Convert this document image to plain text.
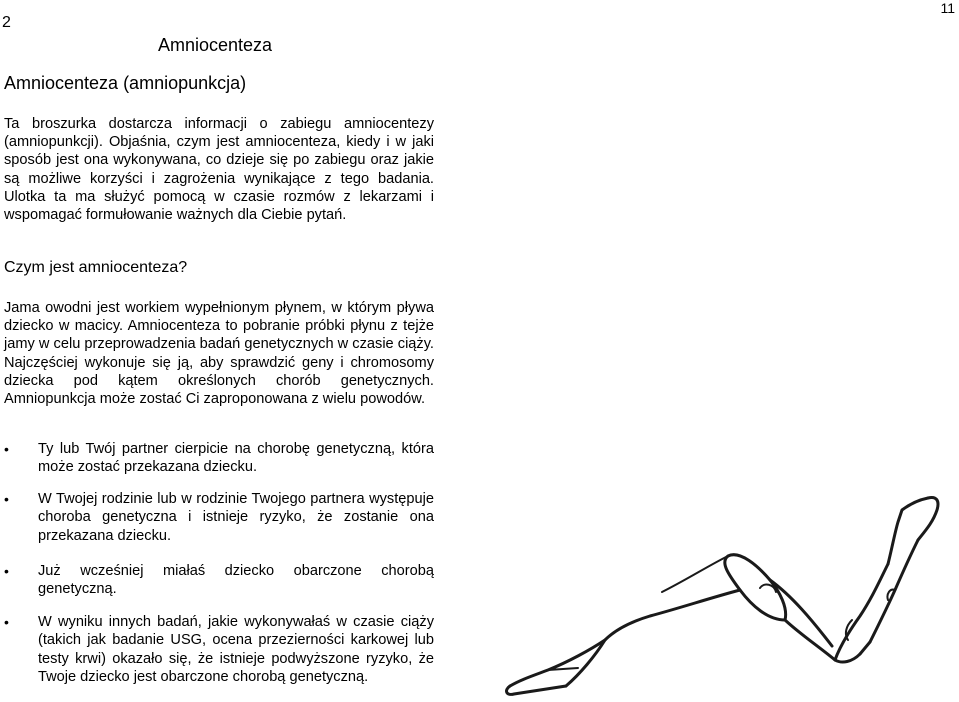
2
11
Amniocenteza
Amniocenteza (amniopunkcja)

Ta broszurka dostarcza informacji o zabiegu amniocentezy (amniopunkcji). Objaśnia, czym jest amniocenteza, kiedy i w jaki sposób jest ona wykonywana, co dzieje się po zabiegu oraz jakie są możliwe korzyści i zagrożenia wynikające z tego badania. Ulotka ta ma służyć pomocą w czasie rozmów z lekarzami i wspomagać formułowanie ważnych dla Ciebie pytań.

Czym jest amniocenteza?

Jama owodni jest workiem wypełnionym płynem, w którym pływa dziecko w macicy. Amniocenteza to pobranie próbki płynu z tejże jamy w celu przeprowadzenia badań genetycznych w czasie ciąży. Najczęściej wykonuje się ją, aby sprawdzić geny i chromosomy dziecka pod kątem określonych chorób genetycznych. Amniopunkcja może zostać Ci zaproponowana z wielu powodów.

• Ty lub Twój partner cierpicie na chorobę genetyczną, która może zostać przekazana dziecku.
• W Twojej rodzinie lub w rodzinie Twojego partnera występuje choroba genetyczna i istnieje ryzyko, że zostanie ona przekazana dziecku.
• Już wcześniej miałaś dziecko obarczone chorobą genetyczną.
• W wyniku innych badań, jakie wykonywałaś w czasie ciąży (takich jak badanie USG, ocena przezierności karkowej lub testy krwi) okazało się, że istnieje podwyższone ryzyko, że Twoje dziecko jest obarczone chorobą genetyczną.
